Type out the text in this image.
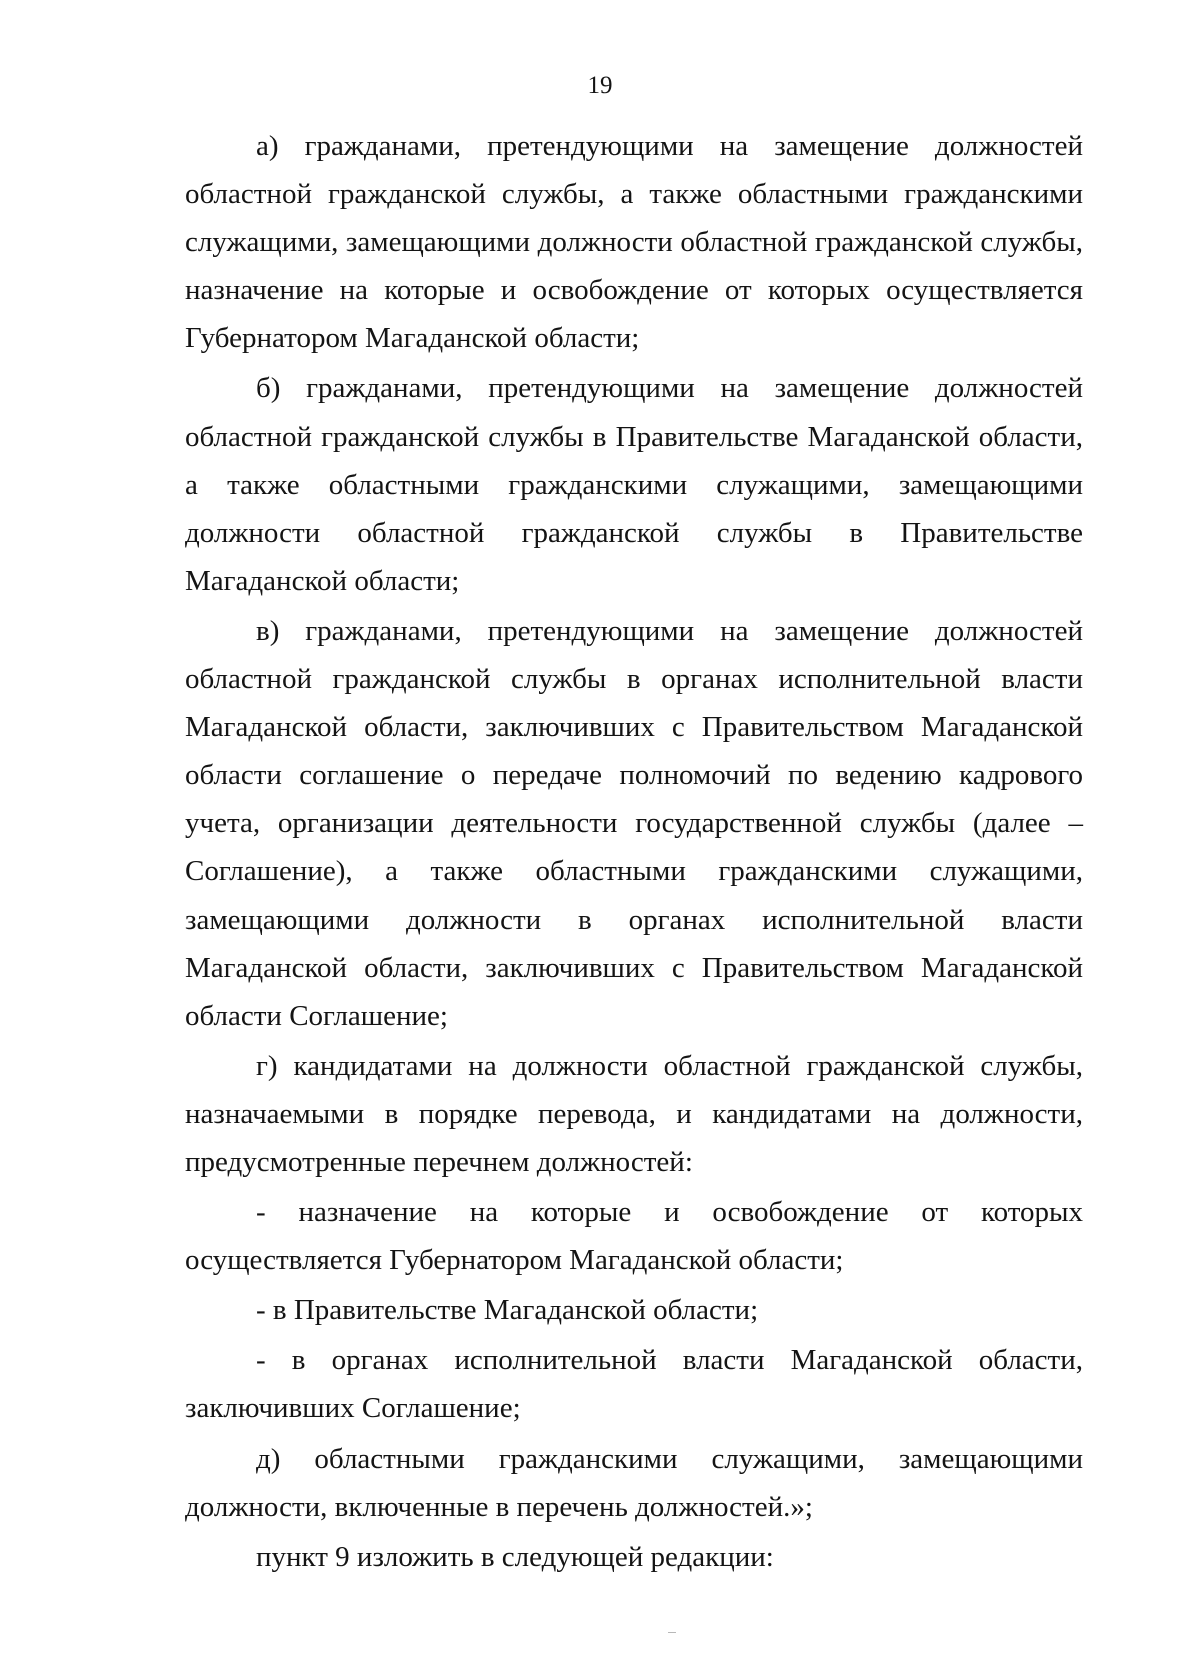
19

а) гражданами, претендующими на замещение должностей областной гражданской службы, а также областными гражданскими служащими, замещающими должности областной гражданской службы, назначение на которые и освобождение от которых осуществляется Губернатором Магаданской области;

б) гражданами, претендующими на замещение должностей областной гражданской службы в Правительстве Магаданской области, а также областными гражданскими служащими, замещающими должности областной гражданской службы в Правительстве Магаданской области;

в) гражданами, претендующими на замещение должностей областной гражданской службы в органах исполнительной власти Магаданской области, заключивших с Правительством Магаданской области соглашение о передаче полномочий по ведению кадрового учета, организации деятельности государственной службы (далее – Соглашение), а также областными гражданскими служащими, замещающими должности в органах исполнительной власти Магаданской области, заключивших с Правительством Магаданской области Соглашение;

г) кандидатами на должности областной гражданской службы, назначаемыми в порядке перевода, и кандидатами на должности, предусмотренные перечнем должностей:

- назначение на которые и освобождение от которых осуществляется Губернатором Магаданской области;

- в Правительстве Магаданской области;

- в органах исполнительной власти Магаданской области, заключивших Соглашение;

д) областными гражданскими служащими, замещающими должности, включенные в перечень должностей.»;

пункт 9 изложить в следующей редакции:
